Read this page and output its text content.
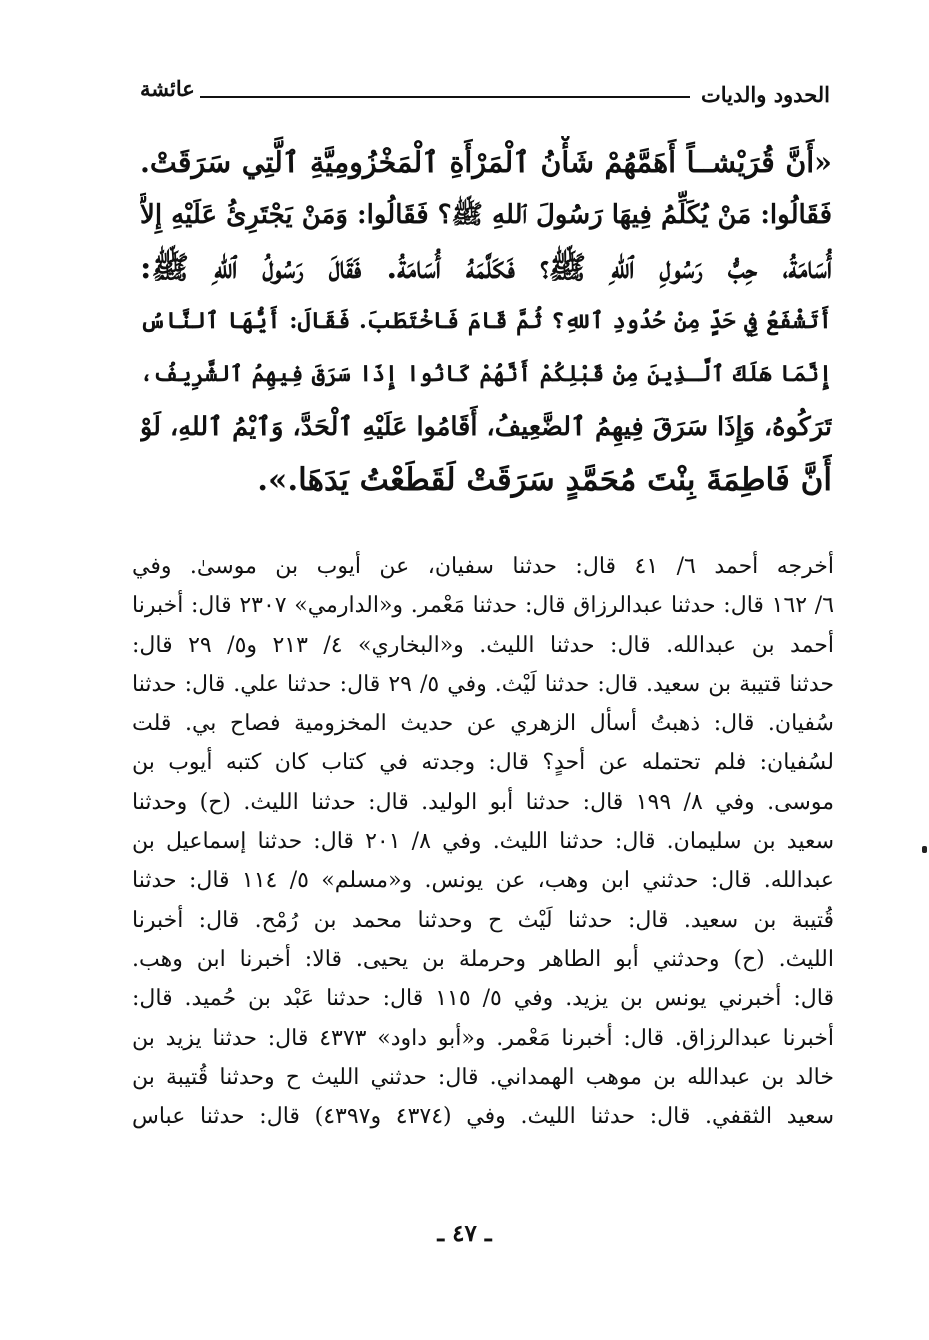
الحدود والديات
عائشة
«أَنَّ قُرَيْشــاً أَهَمَّهُمْ شَأْنُ ٱلْمَرْأَةِ ٱلْمَخْزُومِيَّةِ ٱلَّتِي سَرَقَتْ.
فَقَالُوا: مَنْ يُكَلِّمُ فِيهَا رَسُولَ ٱللهِ ﷺ؟ فَقَالُوا: وَمَنْ يَجْتَرِئُ عَلَيْهِ إِلاَّ
أُسَامَةُ، حِبُّ رَسُولِ ٱللهِ ﷺ؟ فَكَلَّمَهُ أُسَامَةُ. فَقَالَ رَسُولُ ٱللهِ ﷺ:
أَتَشْفَعُ فِي حَدٍّ مِنْ حُدُودِ ٱللهِ؟ ثُمَّ قَامَ فَاخْتَطَبَ. فَقَالَ: أَيُّهَا ٱلنَّاسُ
إِنَّمَا هَلَكَ ٱلَّـذِينَ مِنْ قَبْلِكُمْ أَنَّهُمْ كَانُوا إِذَا سَرَقَ فِيهِمُ ٱلشَّرِيفُ،
تَرَكُوهُ، وَإِذَا سَرَقَ فِيهِمُ ٱلضَّعِيفُ، أَقَامُوا عَلَيْهِ ٱلْحَدَّ، وَٱيْمُ ٱللهِ، لَوْ
أَنَّ فَاطِمَةَ بِنْتَ مُحَمَّدٍ سَرَقَتْ لَقَطَعْتُ يَدَهَا.».
أخرجه أحمد ٦/ ٤١ قال: حدثنا سفيان، عن أيوب بن موسىٰ. وفي
٦/ ١٦٢ قال: حدثنا عبدالرزاق قال: حدثنا مَعْمر. و«الدارمي» ٢٣٠٧ قال: أخبرنا
أحمد بن عبدالله. قال: حدثنا الليث. و«البخاري» ٤/ ٢١٣ و٥/ ٢٩ قال:
حدثنا قتيبة بن سعيد. قال: حدثنا لَيْث. وفي ٥/ ٢٩ قال: حدثنا علي. قال: حدثنا
سُفيان. قال: ذهبتُ أسأل الزهري عن حديث المخزومية فصاح بي. قلت
لسُفيان: فلم تحتمله عن أحدٍ؟ قال: وجدته في كتاب كان كتبه أيوب بن
موسى. وفي ٨/ ١٩٩ قال: حدثنا أبو الوليد. قال: حدثنا الليث. (ح) وحدثنا
سعيد بن سليمان. قال: حدثنا الليث. وفي ٨/ ٢٠١ قال: حدثنا إسماعيل بن
عبدالله. قال: حدثني ابن وهب، عن يونس. و«مسلم» ٥/ ١١٤ قال: حدثنا
قُتيبة بن سعيد. قال: حدثنا لَيْث ح وحدثنا محمد بن رُمْح. قال: أخبرنا
الليث. (ح) وحدثني أبو الطاهر وحرملة بن يحيى. قالا: أخبرنا ابن وهب.
قال: أخبرني يونس بن يزيد. وفي ٥/ ١١٥ قال: حدثنا عَبْد بن حُميد. قال:
أخبرنا عبدالرزاق. قال: أخبرنا مَعْمر. و«أبو داود» ٤٣٧٣ قال: حدثنا يزيد بن
خالد بن عبدالله بن موهب الهمداني. قال: حدثني الليث ح وحدثنا قُتيبة بن
سعيد الثقفي. قال: حدثنا الليث. وفي (٤٣٧٤ و٤٣٩٧) قال: حدثنا عباس
ـ ٤٧ ـ
